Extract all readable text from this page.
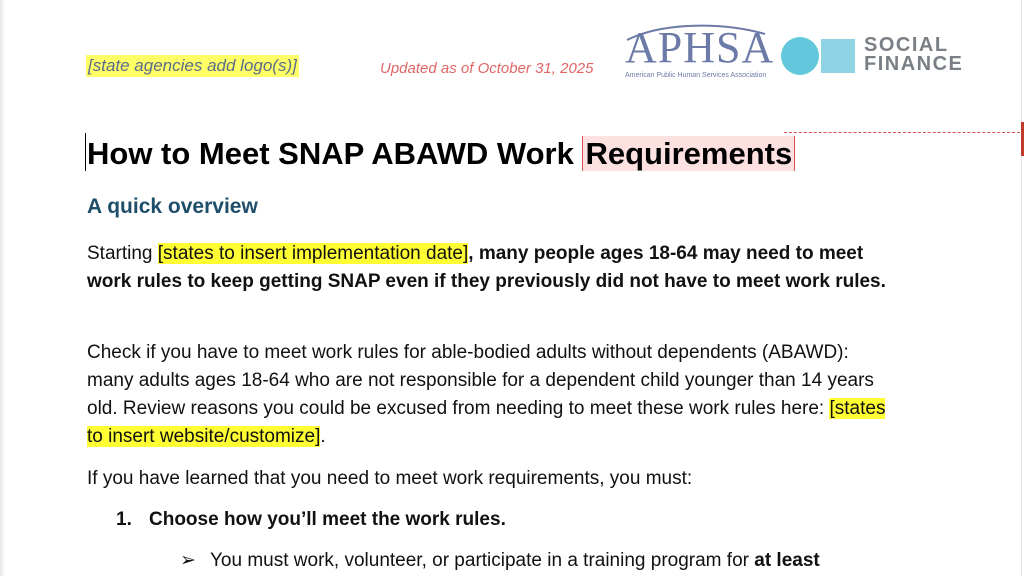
[state agencies add logo(s)]	Updated as of October 31, 2025 APHSA
American Public Human Services Association
SOCIAL
FINANCE
How to Meet SNAP ABAWD Work Requirements
A quick overview
Starting [states to insert implementation date], many people ages 18-64 may need to meet work rules to keep getting SNAP even if they previously did not have to meet work rules.
Check if you have to meet work rules for able-bodied adults without dependents (ABAWD): many adults ages 18-64 who are not responsible for a dependent child younger than 14 years old. Review reasons you could be excused from needing to meet these work rules here: [states to insert website/customize].
If you have learned that you need to meet work requirements, you must:
1. Choose how you’ll meet the work rules.
➢ You must work, volunteer, or participate in a training program for at least
